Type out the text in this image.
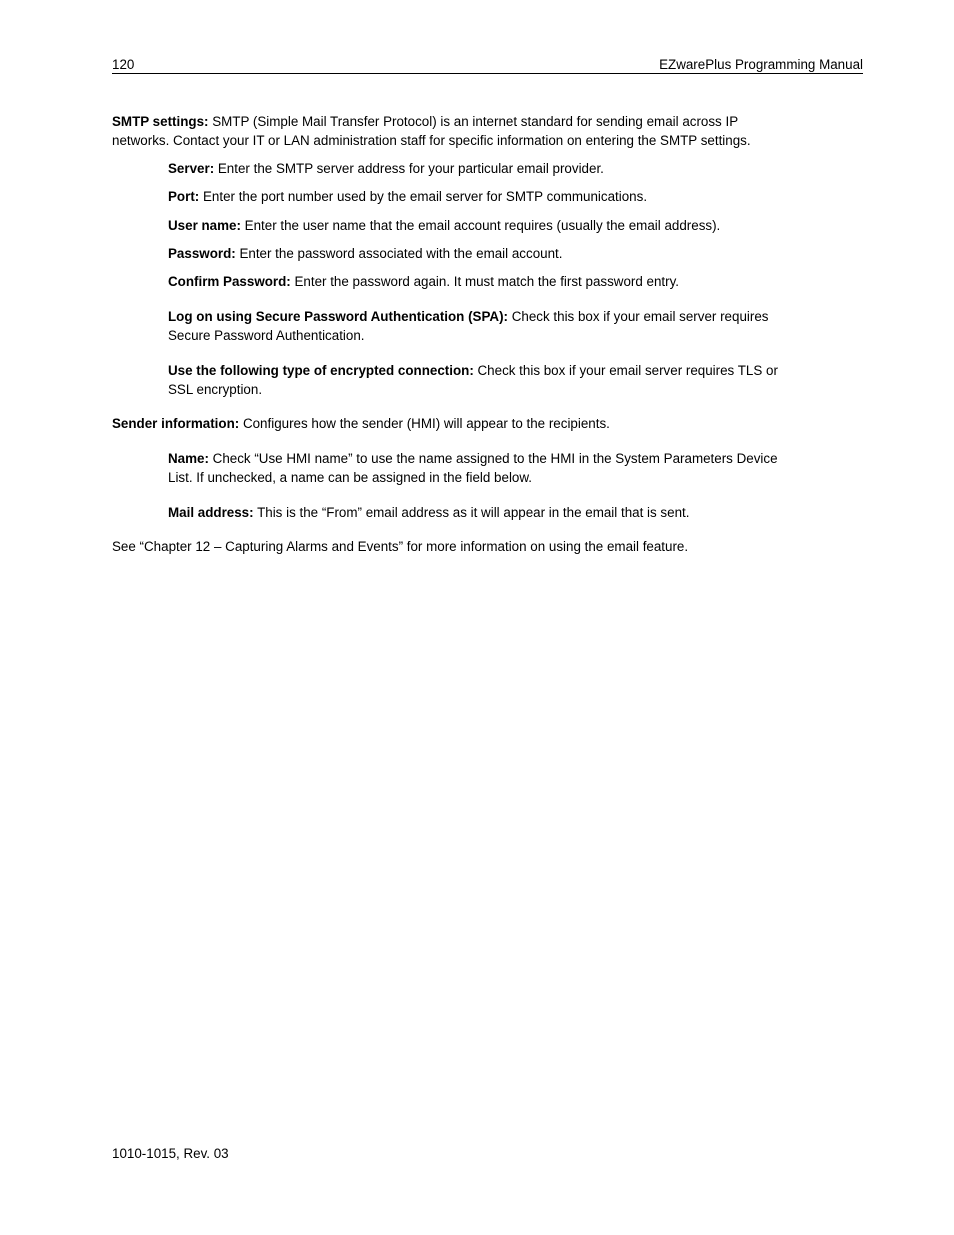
120	EZwarePlus Programming Manual

SMTP settings: SMTP (Simple Mail Transfer Protocol) is an internet standard for sending email across IP

networks. Contact your IT or LAN administration staff for specific information on entering the SMTP settings.

Server: Enter the SMTP server address for your particular email provider.

Port: Enter the port number used by the email server for SMTP communications.

User name: Enter the user name that the email account requires (usually the email address).

Password: Enter the password associated with the email account.

Confirm Password: Enter the password again. It must match the first password entry.

Log on using Secure Password Authentication (SPA): Check this box if your email server requires

Secure Password Authentication.

Use the following type of encrypted connection: Check this box if your email server requires TLS or

SSL encryption.

Sender information: Configures how the sender (HMI) will appear to the recipients.

Name: Check “Use HMI name” to use the name assigned to the HMI in the System Parameters Device

List. If unchecked, a name can be assigned in the field below.

Mail address: This is the “From” email address as it will appear in the email that is sent.

See “Chapter 12 – Capturing Alarms and Events” for more information on using the email feature.

1010-1015, Rev. 03
